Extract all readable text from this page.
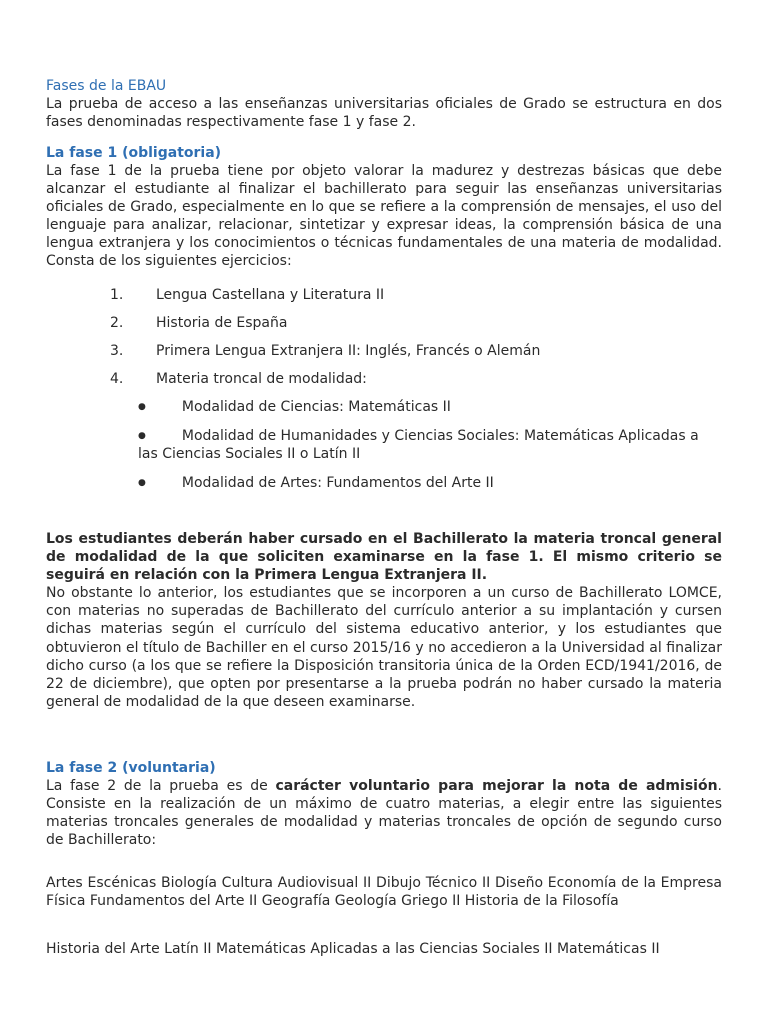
Fases de la EBAU

La prueba de acceso a las enseñanzas universitarias oficiales de Grado se estructura en dos fases denominadas respectivamente fase 1 y fase 2.

La fase 1 (obligatoria)

La fase 1 de la prueba tiene por objeto valorar la madurez y destrezas básicas que debe alcanzar el estudiante al finalizar el bachillerato para seguir las enseñanzas universitarias oficiales de Grado, especialmente en lo que se refiere a la comprensión de mensajes, el uso del lenguaje para analizar, relacionar, sintetizar y expresar ideas, la comprensión básica de una lengua extranjera y los conocimientos o técnicas fundamentales de una materia de modalidad. Consta de los siguientes ejercicios:

1. Lengua Castellana y Literatura II
2. Historia de España
3. Primera Lengua Extranjera II: Inglés, Francés o Alemán
4. Materia troncal de modalidad:
●	Modalidad de Ciencias: Matemáticas II
●	Modalidad de Humanidades y Ciencias Sociales: Matemáticas Aplicadas a las Ciencias Sociales II o Latín II
●	Modalidad de Artes: Fundamentos del Arte II

Los estudiantes deberán haber cursado en el Bachillerato la materia troncal general de modalidad de la que soliciten examinarse en la fase 1. El mismo criterio se seguirá en relación con la Primera Lengua Extranjera II.

No obstante lo anterior, los estudiantes que se incorporen a un curso de Bachillerato LOMCE, con materias no superadas de Bachillerato del currículo anterior a su implantación y cursen dichas materias según el currículo del sistema educativo anterior, y los estudiantes que obtuvieron el título de Bachiller en el curso 2015/16 y no accedieron a la Universidad al finalizar dicho curso (a los que se refiere la Disposición transitoria única de la Orden ECD/1941/2016, de 22 de diciembre), que opten por presentarse a la prueba podrán no haber cursado la materia general de modalidad de la que deseen examinarse.

La fase 2 (voluntaria)

La fase 2 de la prueba es de carácter voluntario para mejorar la nota de admisión. Consiste en la realización de un máximo de cuatro materias, a elegir entre las siguientes materias troncales generales de modalidad y materias troncales de opción de segundo curso de Bachillerato:

Artes Escénicas Biología Cultura Audiovisual II Dibujo Técnico II Diseño Economía de la Empresa Física Fundamentos del Arte II Geografía Geología Griego II Historia de la Filosofía

Historia del Arte Latín II Matemáticas Aplicadas a las Ciencias Sociales II Matemáticas II
